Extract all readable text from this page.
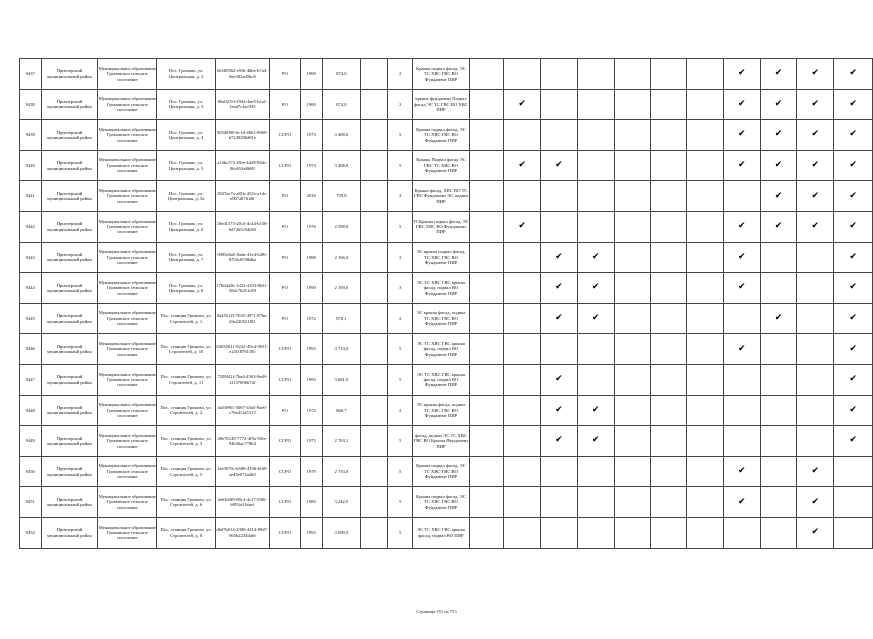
9437	Приозерский муниципальный район	Муниципальное образование Громовское сельское поселение	Пос. Громово, ул. Центральная, д. 2	b6180562-e9fb-4bbe-b7a4-0ea381ad5bc8	РО	1969	874,0		2	Крыша подвал фасад, ЭС ТС ХВС ГВС ВО Фундамент ПИР								✔	✔	✔	✔
9438	Приозерский муниципальный район	Муниципальное образование Громовское сельское поселение	Пос. Громово, ул. Центральная, д. 3	06a027e3-f944-4ae5-b1af-1ead7c4ac945	РО	1969	874,0		2	крыша фундамент Подвал фасад ЭС ТС ГВС ВО ХВС ПИР		✔						✔	✔	✔	✔
9439	Приозерский муниципальный район	Муниципальное образование Громовское сельское поселение	Пос. Громово, ул. Центральная, д. 4	503d9f90-6c1d-4661-8969-b7249296d61e	ССРО	1973	3 408,0		5	Крыша подвал фасад, ЭС ТС ХВС ГВС ВО Фундамент ПИР								✔	✔	✔	✔
9440	Приозерский муниципальный район	Муниципальное образование Громовское сельское поселение	Пос. Громово, ул. Центральная, д. 5	a14bc572-f5be-4d28-84dc-06c654a8b89	ССРО	1974	3 408,0		5	Крыша Подвал фасад ЭС ГВС ТС ХВС ВО Фундамент ПИР		✔	✔					✔	✔	✔	✔
9441	Приозерский муниципальный район	Муниципальное образование Громовское сельское поселение	Пос. Громово, ул. Центральная, д. 5а	3927ae7a-a81b-452e-a1dc-e007a87ffa8f	РО	2016	759,8		3	Крыша фасад, ХВС ВО ТС ГВС Фундамент ЭС подвал ПИР									✔	✔	✔
9442	Приозерский муниципальный район	Муниципальное образование Громовское сельское поселение	Пос. Громово, ул. Центральная, д. 6	10ed1373-20c3-4c44-b158-6d72b5c94e86	РО	1976	2 598,0		5	ТСКрыша подвал фасад, ЭС ГВС ХВС ВО Фундамент ПИР		✔						✔	✔	✔	✔
9443	Приозерский муниципальный район	Муниципальное образование Громовское сельское поселение	Пос. Громово, ул. Центральная, д. 7	0985e6a5-0ada-41e4-b28f-8702c6538dba	РО	1988	2 106,0		3	ЭС крыша подвал фасад, ТС ХВС ГВС ВО Фундамент ПИР			✔	✔				✔			✔
9444	Приозерский муниципальный район	Муниципальное образование Громовское сельское поселение	Пос. Громово, ул. Центральная, д. 8	17b64a5b-1d23-4103-8b31-50dc76451c89	РО	1990	2 169,0		3	ЭС ТС ХВС ГВС крыша фасад, подвал ВО Фундамент ПИР			✔	✔				✔			✔
9445	Приозерский муниципальный район	Муниципальное образование Громовское сельское поселение	Пос. станция Громово, ул. Строителей, д. 1	0a4551f3-7025-4971-87ba-d3e220521f81	РО	1972	870,1		2	ЭС крыша фасад, подвал ТС ХВС ГВС ВО Фундамент ПИР			✔	✔					✔		✔
9446	Приозерский муниципальный район	Муниципальное образование Громовское сельское поселение	Пос. станция Громово, ул. Строителей, д. 10	63035611-8222-49c4-9631-e23f1876118c	ССРО	1993	3 714,0		5	ЭС ТС ХВС ГВС крыша фасад, подвал ВО Фундамент ПИР								✔			✔
9447	Приозерский муниципальный район	Муниципальное образование Громовское сельское поселение	Пос. станция Громово, ул. Строителей, д. 11	7209f41f-7ba4-4563-9ad9-2f137696b74f	ССРО	1993	3 681,0		5	ЭС ТС ХВС ГВС крыша фасад, подвал ВО Фундамент ПИР			✔								✔
9448	Приозерский муниципальный район	Муниципальное образование Громовское сельское поселение	Пос. станция Громово, ул. Строителей, д. 2	4a5ff961-5067-43a5-9ae0-c76a412a5315	РО	1972	860,7		2	ЭС крыша фасад, подвал ТС ХВС ГВС ВО Фундамент ПИР			✔	✔							✔
9449	Приозерский муниципальный район	Муниципальное образование Громовское сельское поселение	Пос. станция Громово, ул. Строителей, д. 3	28e76120-7772-4f9a-93fe-94b36ac778b4	ССРО	1975	2 763,1		5	фасад, подвал ЭС ТС ХВС ГВС ВО Крыша Фундамент ПИР			✔	✔							✔
9450	Приозерский муниципальный район	Муниципальное образование Громовское сельское поселение	Пос. станция Громово, ул. Строителей, д. 5	1ae9578c-b588-4106-bf49-ae43e072a2b0	ССРО	1979	2 733,0		5	Крыша подвал фасад, ЭС ТС ХВС ГВС ВО Фундамент ПИР								✔		✔	
9451	Приозерский муниципальный район	Муниципальное образование Громовское сельское поселение	Пос. станция Громово, ул. Строителей, д. 6	4e63d3f0-80c4-4c17-930f-b993a31daef	ССРО	1983	3 242,0		5	Крыша подвал фасад, ЭС ТС ХВС ГВС ВО Фундамент ПИР								✔		✔	
9452	Приозерский муниципальный район	Муниципальное образование Громовское сельское поселение	Пос. станция Громово, ул. Строителей, д. 8	d6d7b014-2300-4414-89d7-065b2234daf6	ССРО	1993	3 690,0		5	ЭС ТС ХВС ГВС крыша фасад, подвал ВО ПИР										✔	
Страница 551 из 753
